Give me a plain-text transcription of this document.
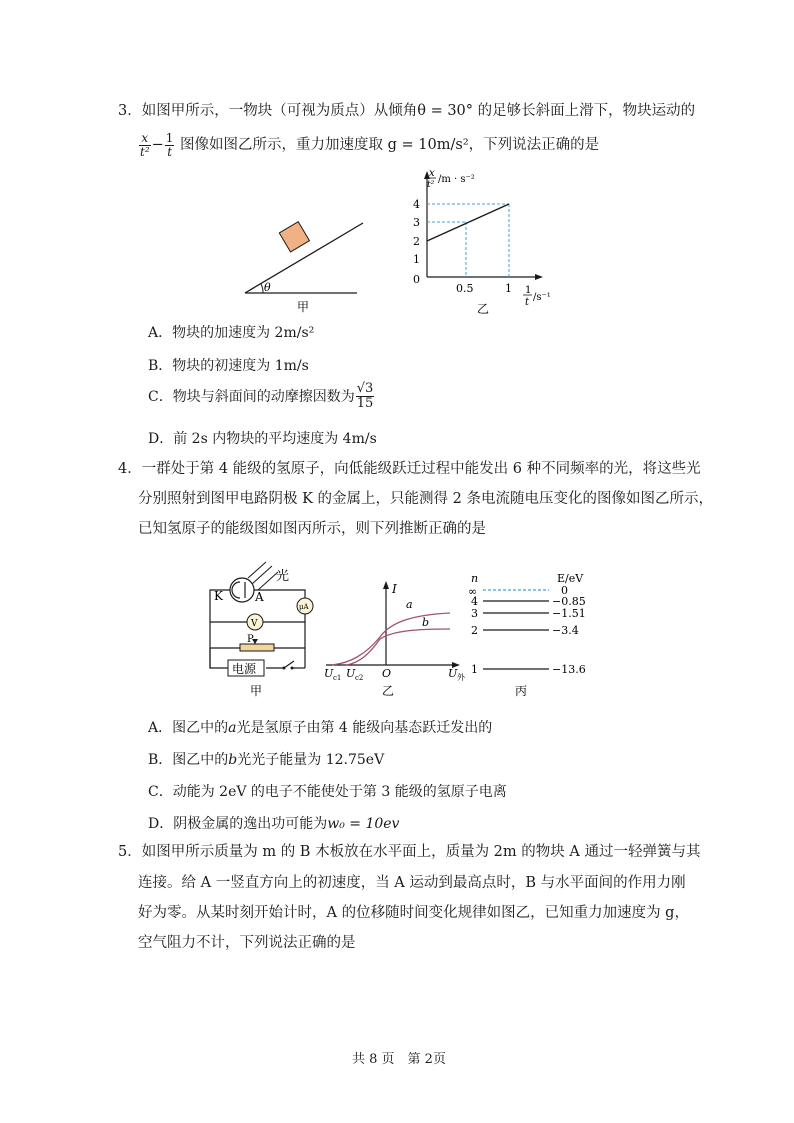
3．如图甲所示，一物块（可视为质点）从倾角θ = 30° 的足够长斜面上滑下，物块运动的
$\frac{x}{\text{t²}} - \frac{1}{t}$ 图像如图乙所示，重力加速度取 g = 10m/s²，下列说法正确的是
θ
甲
x
t² /m · s⁻²
4
3
2
1
0
0.5	1 1
t /s⁻¹
乙
A．物块的加速度为 2m/s²
B．物块的初速度为 1m/s
C．物块与斜面间的动摩擦因数为 $\frac{√3}{15}$
D．前 2s 内物块的平均速度为 4m/s
4．一群处于第 4 能级的氢原子，向低能级跃迁过程中能发出 6 种不同频率的光，将这些光
分别照射到图甲电路阴极 K 的金属上，只能测得 2 条电流随电压变化的图像如图乙所示，
已知氢原子的能级图如图丙所示，则下列推断正确的是
光
K	A
μA
V
P
电源
甲
I
a
b
U c1 U c2 O	U 外
乙
n	E/eV
∞
4
3
2
1
0
−0.85
−1.51
−3.4
−13.6
丙
A．图乙中的a光是氢原子由第 4 能级向基态跃迁发出的
B．图乙中的b光光子能量为 12.75eV
C．动能为 2eV 的电子不能使处于第 3 能级的氢原子电离
D．阴极金属的逸出功可能为w₀ = 10ev
5．如图甲所示质量为 m 的 B 木板放在水平面上，质量为 2m 的物块 A 通过一轻弹簧与其
连接。给 A 一竖直方向上的初速度，当 A 运动到最高点时，B 与水平面间的作用力刚
好为零。从某时刻开始计时，A 的位移随时间变化规律如图乙，已知重力加速度为 g，
空气阻力不计，下列说法正确的是
共 8 页　第 2页
